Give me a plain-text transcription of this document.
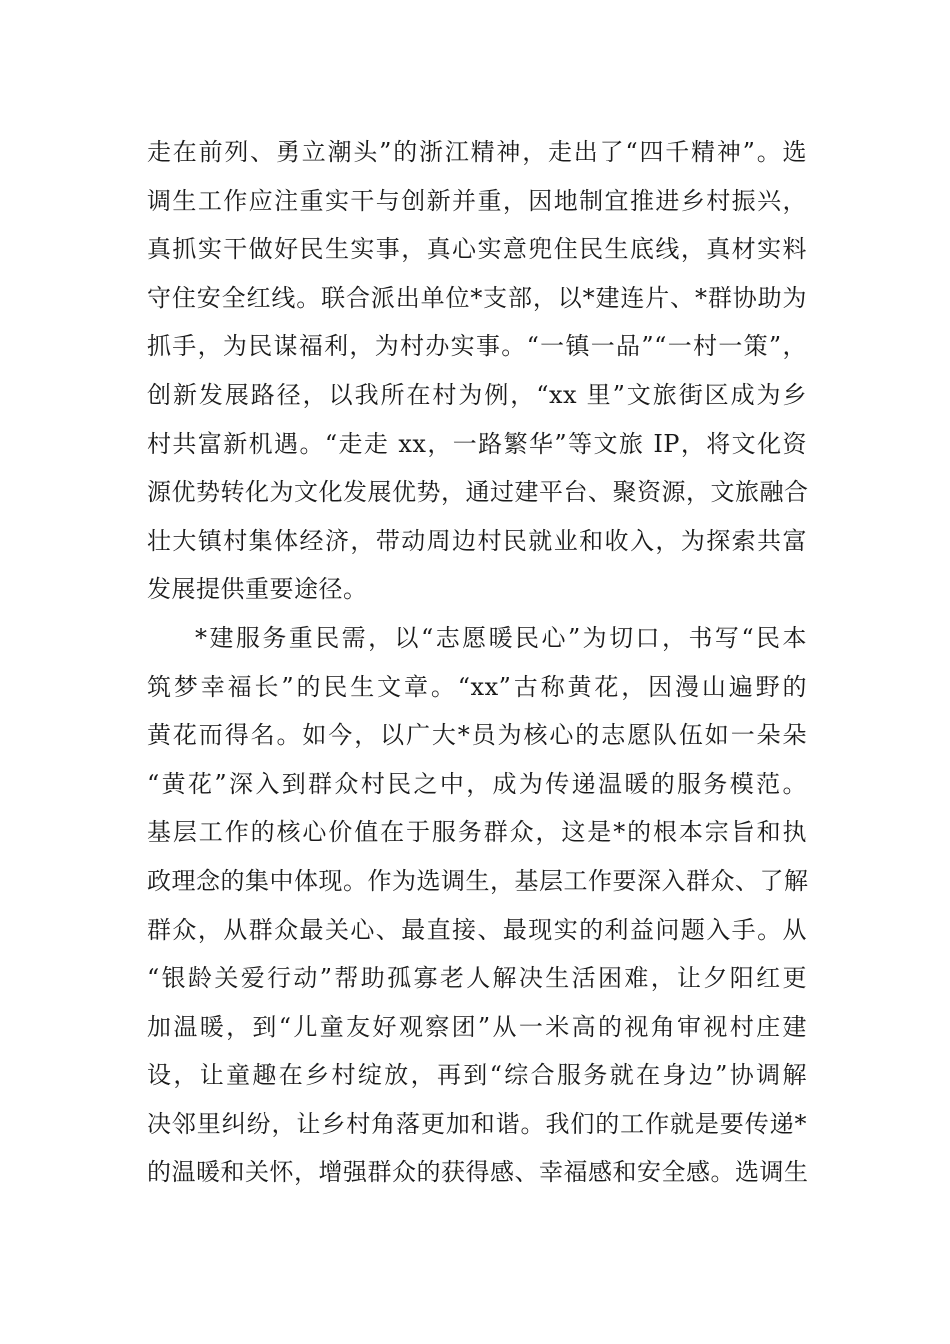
走在前列、勇立潮头”的浙江精神，走出了“四千精神”。选
调生工作应注重实干与创新并重，因地制宜推进乡村振兴，
真抓实干做好民生实事，真心实意兜住民生底线，真材实料
守住安全红线。联合派出单位*支部，以*建连片、*群协助为
抓手，为民谋福利，为村办实事。“一镇一品”“一村一策”，
创新发展路径，以我所在村为例，“xx 里”文旅街区成为乡
村共富新机遇。“走走 xx，一路繁华”等文旅 IP，将文化资
源优势转化为文化发展优势，通过建平台、聚资源，文旅融合
壮大镇村集体经济，带动周边村民就业和收入，为探索共富
发展提供重要途径。
*建服务重民需，以“志愿暖民心”为切口，书写“民本
筑梦幸福长”的民生文章。“xx”古称黄花，因漫山遍野的
黄花而得名。如今，以广大*员为核心的志愿队伍如一朵朵
“黄花”深入到群众村民之中，成为传递温暖的服务模范。
基层工作的核心价值在于服务群众，这是*的根本宗旨和执
政理念的集中体现。作为选调生，基层工作要深入群众、了解
群众，从群众最关心、最直接、最现实的利益问题入手。从
“银龄关爱行动”帮助孤寡老人解决生活困难，让夕阳红更
加温暖，到“儿童友好观察团”从一米高的视角审视村庄建
设，让童趣在乡村绽放，再到“综合服务就在身边”协调解
决邻里纠纷，让乡村角落更加和谐。我们的工作就是要传递*
的温暖和关怀，增强群众的获得感、幸福感和安全感。选调生
